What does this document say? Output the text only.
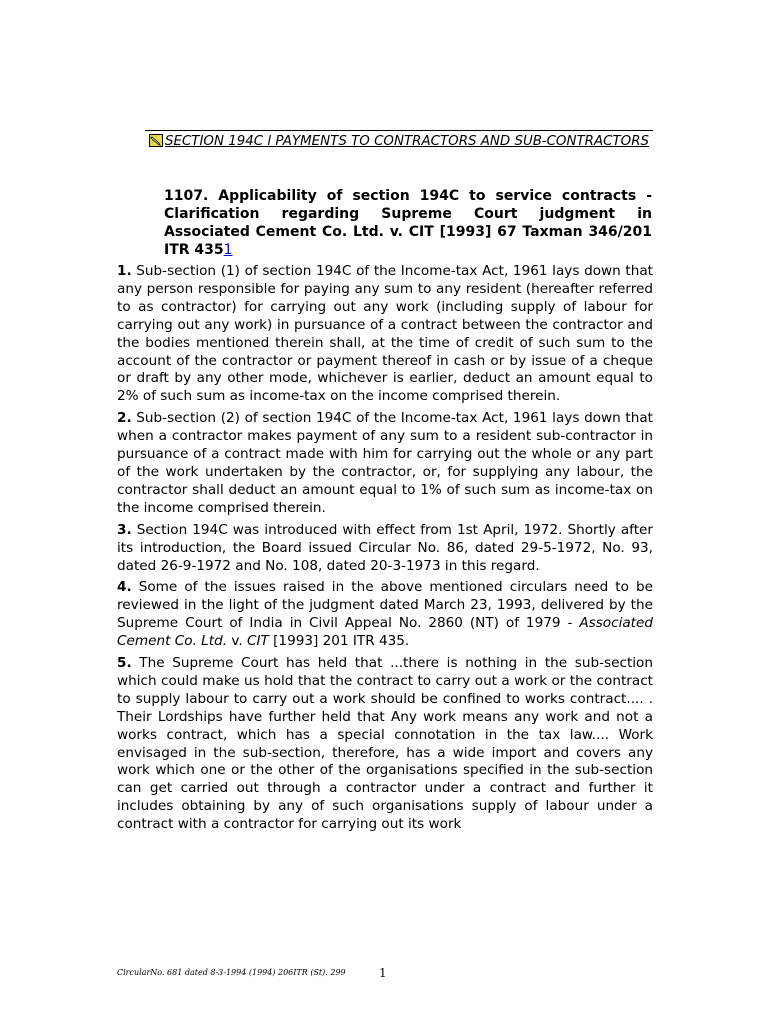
SECTION 194C l PAYMENTS TO CONTRACTORS AND SUB-CONTRACTORS
1107. Applicability of section 194C to service contracts - Clarification regarding Supreme Court judgment in Associated Cement Co. Ltd. v. CIT [1993] 67 Taxman 346/201 ITR 4351

1. Sub-section (1) of section 194C of the Income-tax Act, 1961 lays down that any person responsible for paying any sum to any resident (hereafter referred to as contractor) for carrying out any work (including supply of labour for carrying out any work) in pursuance of a contract between the contractor and the bodies mentioned therein shall, at the time of credit of such sum to the account of the contractor or payment thereof in cash or by issue of a cheque or draft by any other mode, whichever is earlier, deduct an amount equal to 2% of such sum as income-tax on the income comprised therein.

2. Sub-section (2) of section 194C of the Income-tax Act, 1961 lays down that when a contractor makes payment of any sum to a resident sub-contractor in pursuance of a contract made with him for carrying out the whole or any part of the work undertaken by the contractor, or, for supplying any labour, the contractor shall deduct an amount equal to 1% of such sum as income-tax on the income comprised therein.

3. Section 194C was introduced with effect from 1st April, 1972. Shortly after its introduction, the Board issued Circular No. 86, dated 29-5-1972, No. 93, dated 26-9-1972 and No. 108, dated 20-3-1973 in this regard.

4. Some of the issues raised in the above mentioned circulars need to be reviewed in the light of the judgment dated March 23, 1993, delivered by the Supreme Court of India in Civil Appeal No. 2860 (NT) of 1979 - Associated Cement Co. Ltd. v. CIT [1993] 201 ITR 435.

5. The Supreme Court has held that ...there is nothing in the sub-section which could make us hold that the contract to carry out a work or the contract to supply labour to carry out a work should be confined to works contract.... . Their Lordships have further held that Any work means any work and not a works contract, which has a special connotation in the tax law.... Work envisaged in the sub-section, therefore, has a wide import and covers any work which one or the other of the organisations specified in the sub-section can get carried out through a contractor under a contract and further it includes obtaining by any of such organisations supply of labour under a contract with a contractor for carrying out its work

CircularNo. 681 dated 8-3-1994 (1994) 206ITR (St). 299	1
